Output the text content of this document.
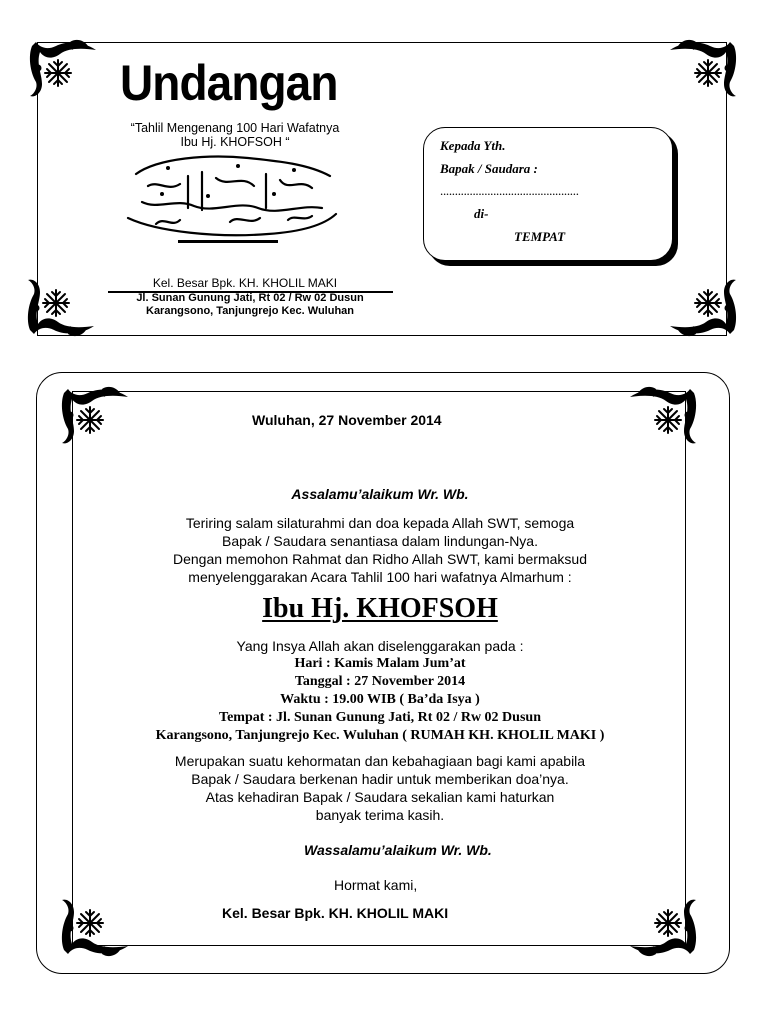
Undangan
“Tahlil Mengenang 100 Hari Wafatnya
Ibu Hj. KHOFSOH “
Kel. Besar Bpk. KH. KHOLIL MAKI
Jl. Sunan Gunung Jati, Rt 02 / Rw 02 Dusun
Karangsono, Tanjungrejo Kec. Wuluhan
Kepada Yth.
Bapak / Saudara :
...............................................
di-
TEMPAT
Wuluhan, 27 November 2014
Assalamu’alaikum Wr. Wb.
Teriring salam silaturahmi dan doa kepada Allah SWT, semoga
Bapak / Saudara senantiasa dalam lindungan-Nya.
Dengan memohon Rahmat dan Ridho Allah SWT, kami bermaksud
menyelenggarakan Acara Tahlil 100 hari wafatnya Almarhum :
Ibu Hj. KHOFSOH
Yang Insya Allah akan diselenggarakan pada :
Hari : Kamis Malam Jum’at
Tanggal : 27 November 2014
Waktu : 19.00 WIB ( Ba’da Isya )
Tempat : Jl. Sunan Gunung Jati, Rt 02 / Rw 02 Dusun
Karangsono, Tanjungrejo Kec. Wuluhan ( RUMAH KH. KHOLIL MAKI )
Merupakan suatu kehormatan dan kebahagiaan bagi kami apabila
Bapak / Saudara berkenan hadir untuk memberikan doa’nya.
Atas kehadiran Bapak / Saudara sekalian kami haturkan
banyak terima kasih.
Wassalamu’alaikum Wr. Wb.
Hormat kami,
Kel. Besar Bpk. KH. KHOLIL MAKI
